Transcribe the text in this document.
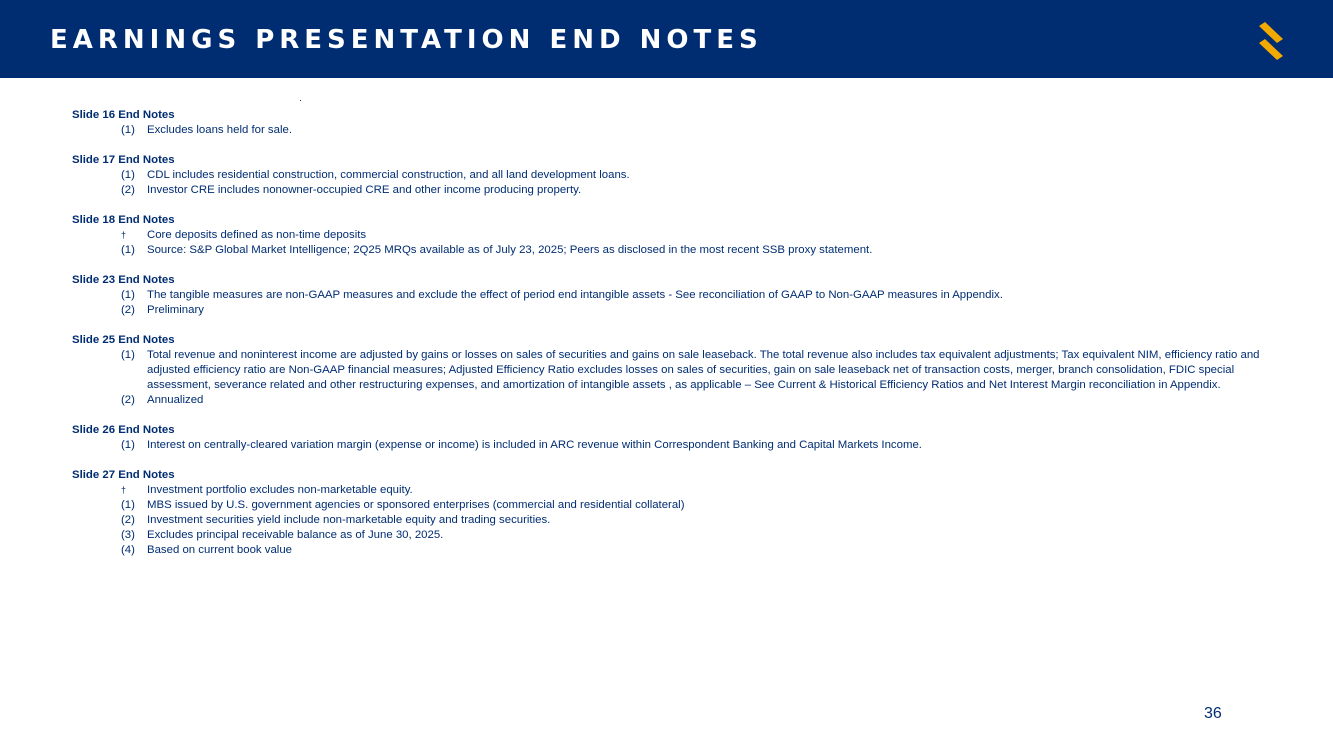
EARNINGS PRESENTATION END NOTES
Slide 16 End Notes
(1)	Excludes loans held for sale.
Slide 17 End Notes
(1)	CDL includes residential construction, commercial construction, and all land development loans.
(2)	Investor CRE includes nonowner-occupied CRE and other income producing property.
Slide 18 End Notes
†	Core deposits defined as non-time deposits
(1)	Source: S&P Global Market Intelligence; 2Q25 MRQs available as of July 23, 2025; Peers as disclosed in the most recent SSB proxy statement.
Slide 23 End Notes
(1)	The tangible measures are non-GAAP measures and exclude the effect of period end intangible assets - See reconciliation of GAAP to Non-GAAP measures in Appendix.
(2)	Preliminary
Slide 25 End Notes
(1)	Total revenue and noninterest income are adjusted by gains or losses on sales of securities and gains on sale leaseback. The total revenue also includes tax equivalent adjustments; Tax equivalent NIM, efficiency ratio and adjusted efficiency ratio are Non-GAAP financial measures; Adjusted Efficiency Ratio excludes losses on sales of securities, gain on sale leaseback net of transaction costs, merger, branch consolidation, FDIC special assessment, severance related and other restructuring expenses, and amortization of intangible assets , as applicable – See Current & Historical Efficiency Ratios and Net Interest Margin reconciliation in Appendix.
(2)	Annualized
Slide 26 End Notes
(1)	Interest on centrally-cleared variation margin (expense or income) is included in ARC revenue within Correspondent Banking and Capital Markets Income.
Slide 27 End Notes
†	Investment portfolio excludes non-marketable equity.
(1)	MBS issued by U.S. government agencies or sponsored enterprises (commercial and residential collateral)
(2)	Investment securities yield include non-marketable equity and trading securities.
(3)	Excludes principal receivable balance as of June 30, 2025.
(4)	Based on current book value
36
